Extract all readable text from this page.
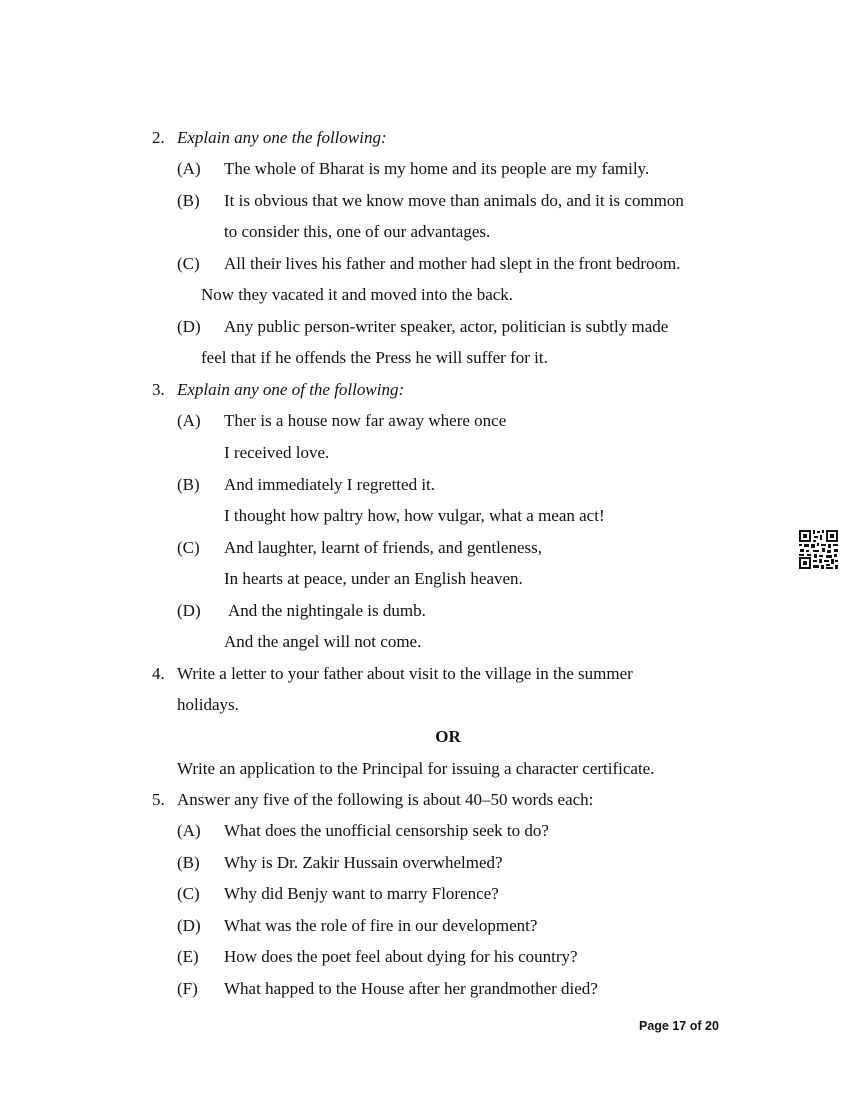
2. Explain any one the following:
(A) The whole of Bharat is my home and its people are my family.
(B) It is obvious that we know move than animals do, and it is common
to consider this, one of our advantages.
(C) All their lives his father and mother had slept in the front bedroom.
Now they vacated it and moved into the back.
(D) Any public person-writer speaker, actor, politician is subtly made
feel that if he offends the Press he will suffer for it.
3. Explain any one of the following:
(A) Ther is a house now far away where once
I received love.
(B) And immediately I regretted it.
I thought how paltry how, how vulgar, what a mean act!
(C) And laughter, learnt of friends, and gentleness,
In hearts at peace, under an English heaven.
(D) And the nightingale is dumb.
And the angel will not come.
4. Write a letter to your father about visit to the village in the summer
holidays.
OR
Write an application to the Principal for issuing a character certificate.
5. Answer any five of the following is about 40–50 words each:
(A) What does the unofficial censorship seek to do?
(B) Why is Dr. Zakir Hussain overwhelmed?
(C) Why did Benjy want to marry Florence?
(D) What was the role of fire in our development?
(E) How does the poet feel about dying for his country?
(F) What happed to the House after her grandmother died?
Page 17 of 20
